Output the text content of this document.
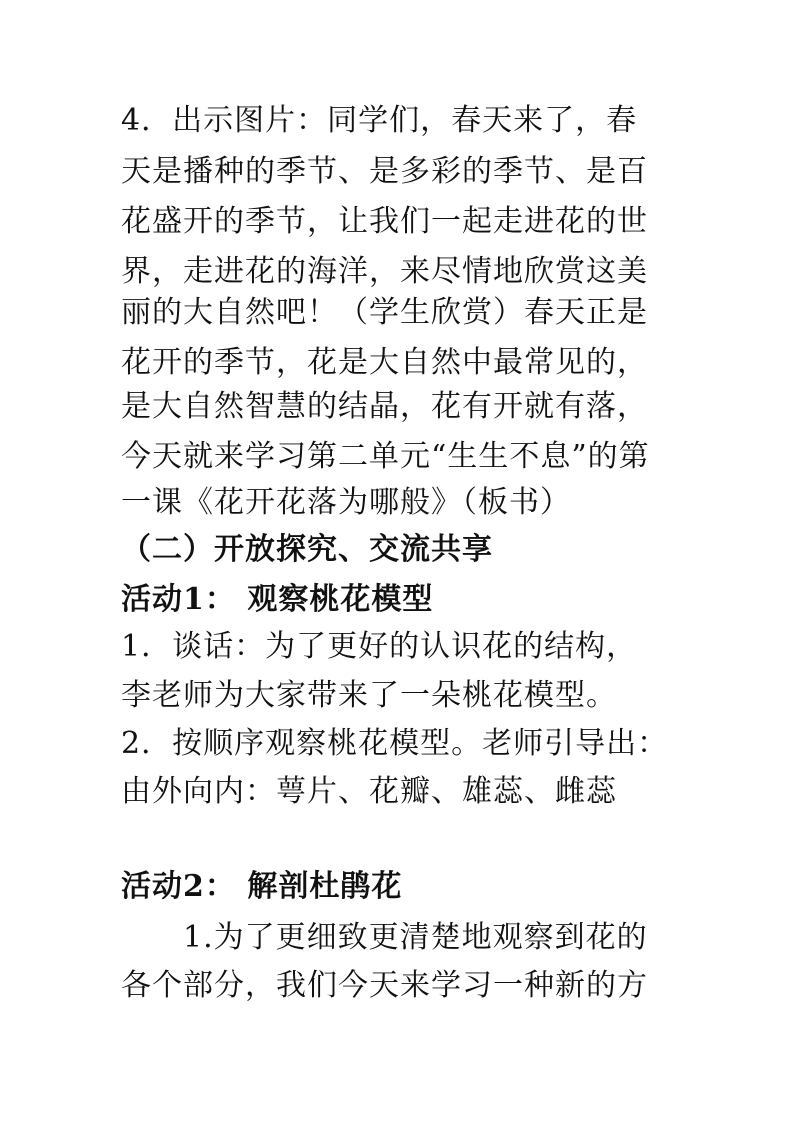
4．出示图片：同学们，春天来了，春
天是播种的季节、是多彩的季节、是百
花盛开的季节，让我们一起走进花的世
界，走进花的海洋，来尽情地欣赏这美
丽的大自然吧！（学生欣赏）春天正是
花开的季节，花是大自然中最常见的，
是大自然智慧的结晶，花有开就有落，
今天就来学习第二单元“生生不息”的第
一课《花开花落为哪般》（板书）
（二）开放探究、交流共享
活动1： 观察桃花模型
1．谈话：为了更好的认识花的结构，
李老师为大家带来了一朵桃花模型。
2．按顺序观察桃花模型。老师引导出：
由外向内：萼片、花瓣、雄蕊、雌蕊
活动2： 解剖杜鹃花
1.为了更细致更清楚地观察到花的
各个部分，我们今天来学习一种新的方
